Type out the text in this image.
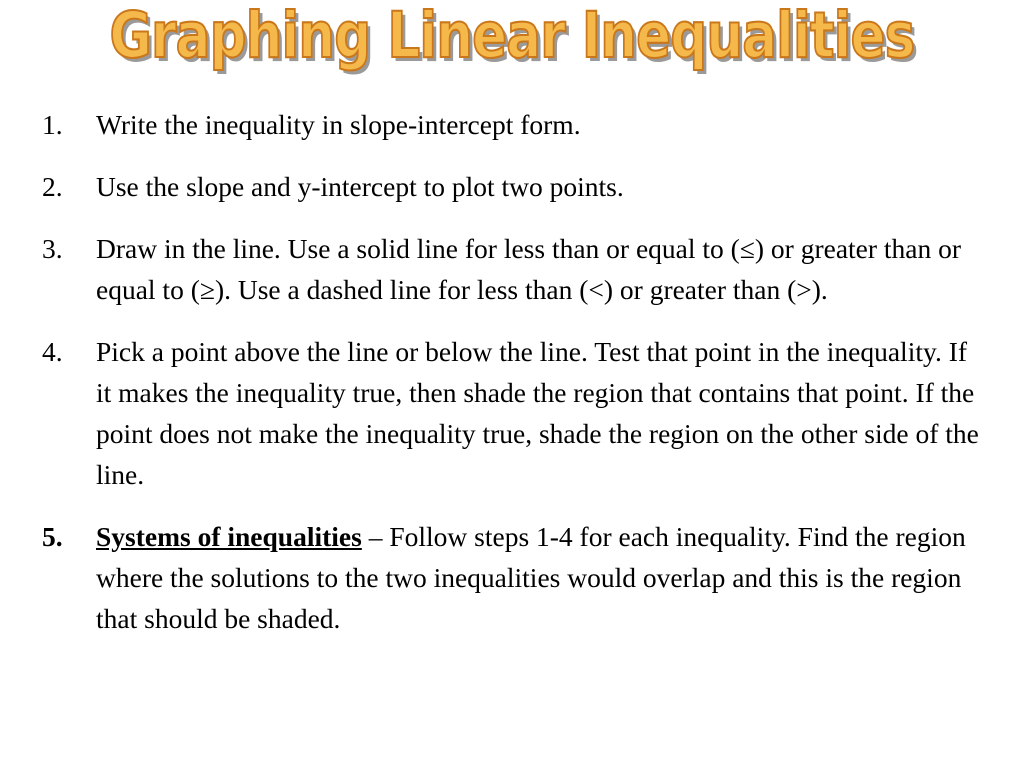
Graphing Linear Inequalities
1.	Write the inequality in slope-intercept form.
2.	Use the slope and y-intercept to plot two points.
3.	Draw in the line. Use a solid line for less than or equal to (≤) or greater than or equal to (≥). Use a dashed line for less than (<) or greater than (>).
4.	Pick a point above the line or below the line. Test that point in the inequality. If it makes the inequality true, then shade the region that contains that point. If the point does not make the inequality true, shade the region on the other side of the line.
5.	Systems of inequalities – Follow steps 1-4 for each inequality. Find the region where the solutions to the two inequalities would overlap and this is the region that should be shaded.
